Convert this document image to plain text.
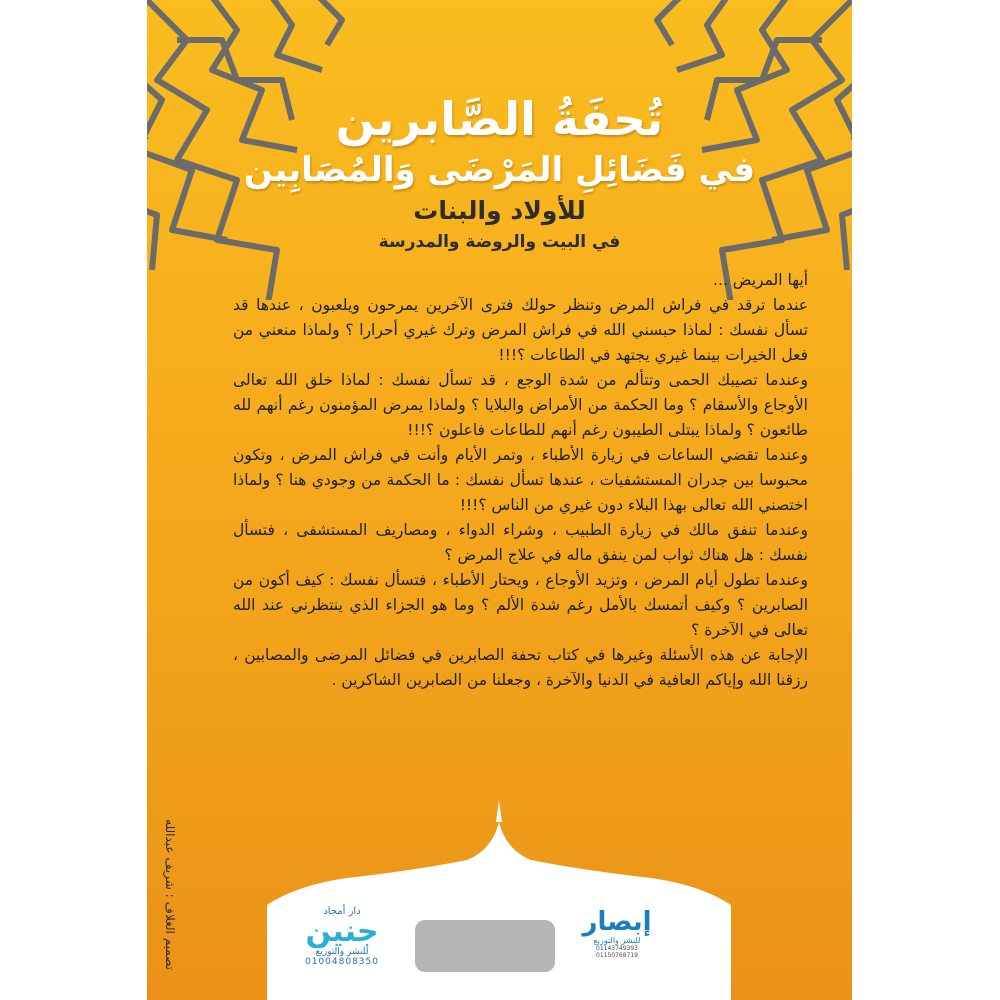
تُحفَةُ الصَّابرين
في فَضَائِلِ المَرْضَى وَالمُصَابِين
للأولاد والبنات
في البيت والروضة والمدرسة

أيها المريض ...

عندما ترقد في فراش المرض وتنظر حولك فترى الآخرين يمرحون ويلعبون ، عندها قد تسأل نفسك : لماذا حبسني الله في فراش المرض وترك غيري أحرارا ؟ ولماذا منعني من فعل الخيرات بينما غيري يجتهد في الطاعات ؟!!!

وعندما تصيبك الحمى وتتألم من شدة الوجع ، قد تسأل نفسك : لماذا خلق الله تعالى الأوجاع والأسقام ؟ وما الحكمة من الأمراض والبلايا ؟ ولماذا يمرض المؤمنون رغم أنهم لله طائعون ؟ ولماذا يبتلى الطيبون رغم أنهم للطاعات فاعلون ؟!!!

وعندما تقضي الساعات في زيارة الأطباء ، وتمر الأيام وأنت في فراش المرض ، وتكون محبوسا بين جدران المستشفيات ، عندها تسأل نفسك : ما الحكمة من وجودي هنا ؟ ولماذا اختصني الله تعالى بهذا البلاء دون غيري من الناس ؟!!!

وعندما تنفق مالك في زيارة الطبيب ، وشراء الدواء ، ومصاريف المستشفى ، فتسأل نفسك : هل هناك ثواب لمن ينفق ماله في علاج المرض ؟

وعندما تطول أيام المرض ، وتزيد الأوجاع ، ويحتار الأطباء ، فتسأل نفسك : كيف أكون من الصابرين ؟ وكيف أتمسك بالأمل رغم شدة الألم ؟ وما هو الجزاء الذي ينتظرني عند الله تعالى في الآخرة ؟

الإجابة عن هذه الأسئلة وغيرها في كتاب تحفة الصابرين في فضائل المرضى والمصابين ، رزقنا الله وإياكم العافية في الدنيا والآخرة ، وجعلنا من الصابرين الشاكرين .

تصميم الغلاف : شريف عبدالله	دار أمجاد
جنين
للنشر والتوزيع
01004808350
إبصار
للنشر والتوزيع
01143749393
01150768719
